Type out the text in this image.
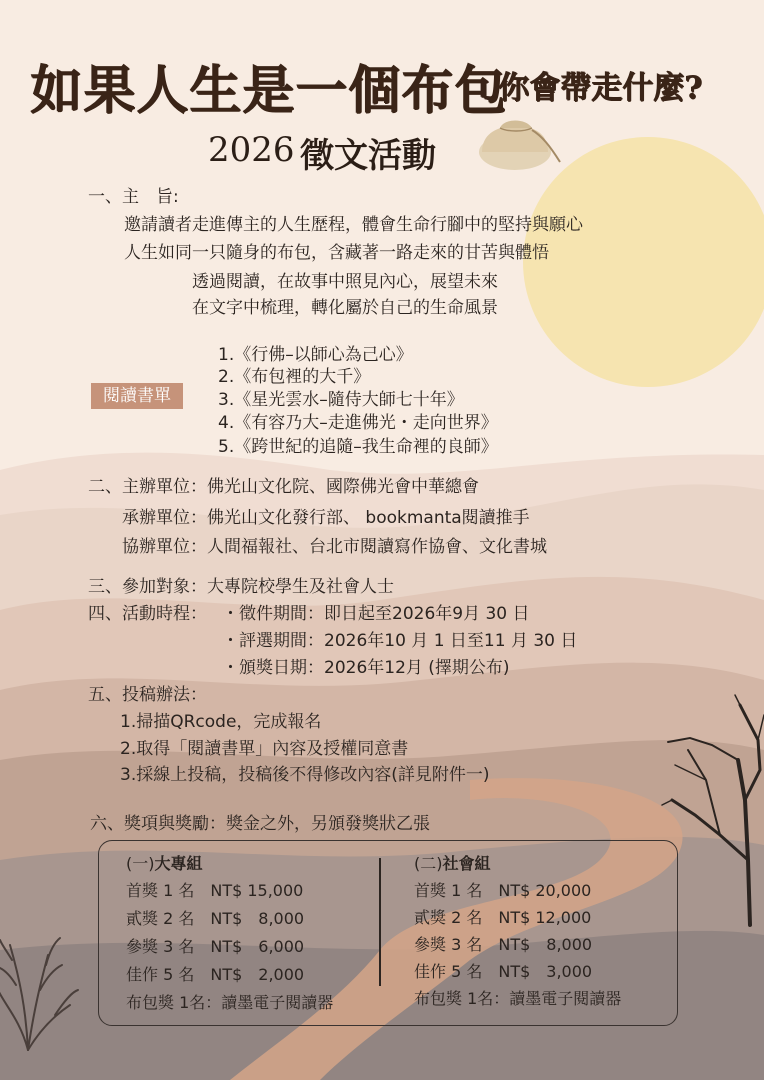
如果人生是一個布包
你會帶走什麼?
2026 徵文活動
一、主　旨:
邀請讀者走進傳主的人生歷程，體會生命行腳中的堅持與願心
人生如同一只隨身的布包，含藏著一路走來的甘苦與體悟
透過閱讀，在故事中照見內心，展望未來
在文字中梳理，轉化屬於自己的生命風景
閱讀書單
1.《行佛–以師心為己心》
2.《布包裡的大千》
3.《星光雲水–隨侍大師七十年》
4.《有容乃大–走進佛光・走向世界》
5.《跨世紀的追隨–我生命裡的良師》
二、主辦單位：佛光山文化院、國際佛光會中華總會
承辦單位：佛光山文化發行部、 bookmanta閱讀推手
協辦單位：人間福報社、台北市閱讀寫作協會、文化書城
三、參加對象：大專院校學生及社會人士
四、活動時程： ・徵件期間：即日起至2026年9月 30 日
・評選期間：2026年10 月 1 日至11 月 30 日
・頒獎日期：2026年12月 (擇期公布)
五、投稿辦法：
1.掃描QRcode，完成報名
2.取得「閱讀書單」內容及授權同意書
3.採線上投稿，投稿後不得修改內容(詳見附件一)
六、獎項與獎勵：獎金之外，另頒發獎狀乙張
(一)大專組
首獎 1 名　NT$ 15,000
貳獎 2 名　NT$　8,000
參獎 3 名　NT$　6,000
佳作 5 名　NT$　2,000
布包獎 1名：讀墨電子閱讀器
(二)社會組
首獎 1 名　NT$ 20,000
貳獎 2 名　NT$ 12,000
參獎 3 名　NT$　8,000
佳作 5 名　NT$　3,000
布包獎 1名：讀墨電子閱讀器
